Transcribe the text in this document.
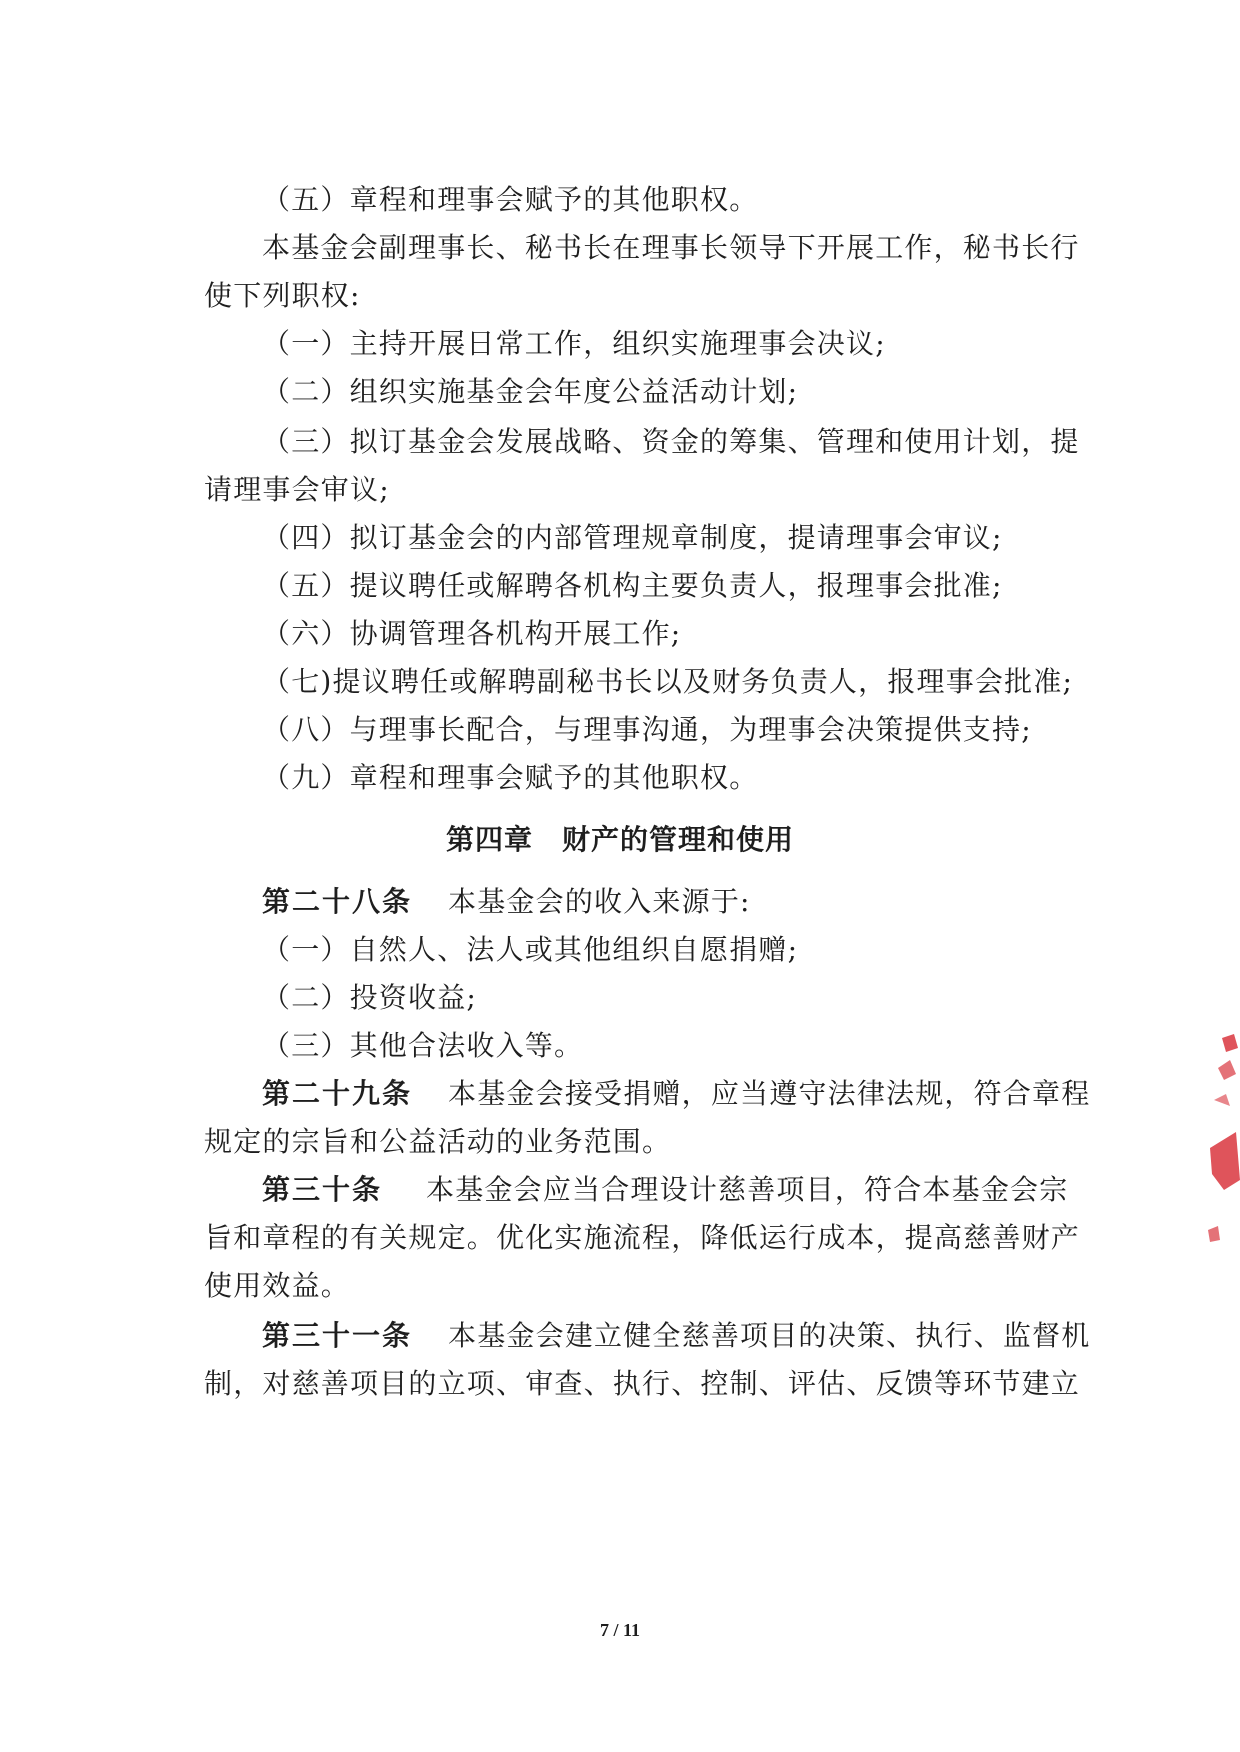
（五）章程和理事会赋予的其他职权。
本基金会副理事长、秘书长在理事长领导下开展工作，秘书长行
使下列职权:
（一）主持开展日常工作，组织实施理事会决议;
（二）组织实施基金会年度公益活动计划;
（三）拟订基金会发展战略、资金的筹集、管理和使用计划，提
请理事会审议;
（四）拟订基金会的内部管理规章制度，提请理事会审议;
（五）提议聘任或解聘各机构主要负责人，报理事会批准;
（六）协调管理各机构开展工作;
（七)提议聘任或解聘副秘书长以及财务负责人，报理事会批准;
（八）与理事长配合，与理事沟通，为理事会决策提供支持;
（九）章程和理事会赋予的其他职权。
第四章　财产的管理和使用
第二十八条 本基金会的收入来源于:
（一）自然人、法人或其他组织自愿捐赠;
（二）投资收益;
（三）其他合法收入等。
第二十九条 本基金会接受捐赠，应当遵守法律法规，符合章程
规定的宗旨和公益活动的业务范围。
第三十条 本基金会应当合理设计慈善项目，符合本基金会宗
旨和章程的有关规定。优化实施流程，降低运行成本，提高慈善财产
使用效益。
第三十一条 本基金会建立健全慈善项目的决策、执行、监督机
制，对慈善项目的立项、审查、执行、控制、评估、反馈等环节建立
7 / 11
